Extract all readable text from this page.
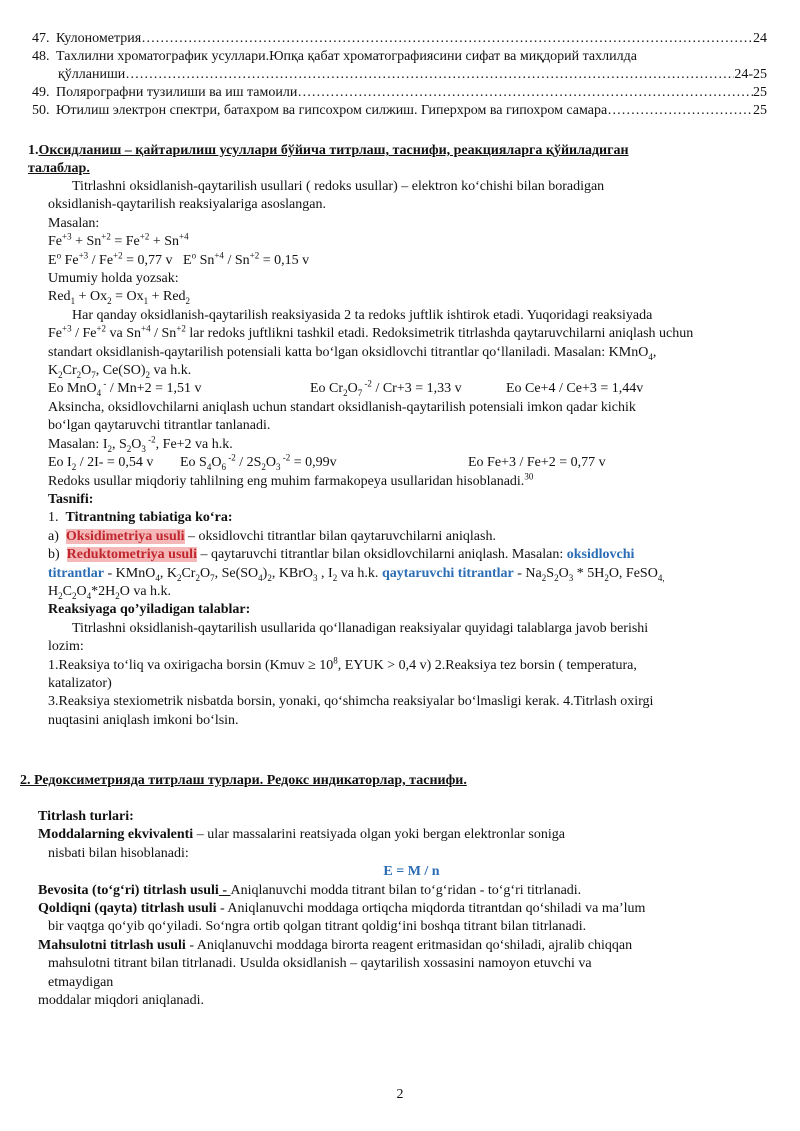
47. Кулонометрия ……………………………………………………………………………………………………………………………………………………………………………………………………………………	24
48. Тахлилни хроматографик усуллари.Юпқа қабат хроматографиясини сифат ва миқдорий тахлилда
қўлланиши ……………………………………………………………………………………………………………………………………………………………………………………………………………………	24-25
49. Полярографни тузилиши ва иш тамоили ……………………………………………………………………………………………………………………………………………………………………………………………………………………	25
50. Ютилиш электрон спектри, батахром ва гипсохром силжиш. Гиперхром ва гипохром самара ……………………………………………………………………………………………………………………………………………………………………………………………………………………	25
1.Оксидланиш – қайтарилиш усуллари бўйича титрлаш, таснифи, реакцияларга қўйиладиган
талаблар.
Titrlashni oksidlanish-qaytarilish usullari ( redoks usullar) – elektron ko‘chishi bilan boradigan
oksidlanish-qaytarilish reaksiyalariga asoslangan.
Masalan:
$Fe^{+3} + Sn^{+2} = Fe^{+2} + Sn^{+4}$
$E^o$ $Fe^{+3} / Fe^{+2} = 0,77$ v   $E^o$ $Sn^{+4} / Sn^{+2} = 0,15$ v
Umumiy holda yozsak:
$Red_1 + Ox_2 = Ox_1 + Red_2$
Har qanday oksidlanish-qaytarilish reaksiyasida 2 ta redoks juftlik ishtirok etadi. Yuqoridagi reaksiyada
$Fe^{+3} / Fe^{+2}$ va $Sn^{+4} / Sn^{+2}$ lar redoks juftlikni tashkil etadi. Redoksimetrik titrlashda qaytaruvchilarni aniqlash uchun
standart oksidlanish-qaytarilish potensiali katta bo‘lgan oksidlovchi titrantlar qo‘llaniladi. Masalan: KMnO$_4$,
$K_2Cr_2O_7$, $Ce(SO)_2$ va h.k.
Eo MnO$_4$ - / Mn+2 = 1,51 v	Eo $Cr_2O_7$ $^{-2}$ / Cr+3 = 1,33 v	Eo Ce+4 / Ce+3 = 1,44v
Aksincha, oksidlovchilarni aniqlash uchun standart oksidlanish-qaytarilish potensiali imkon qadar kichik
bo‘lgan qaytaruvchi titrantlar tanlanadi.
Masalan: $I_2$, $S_2O_3$ $^{-2}$, Fe+2 va h.k.
Eo $I_2 / 2I- = 0,54$ v Eo $S_4O_6$ $^{-2} / 2S_2O_3$ $^{-2}$ = 0,99v	Eo Fe+3 / Fe+2 = 0,77 v
Redoks usullar miqdoriy tahlilning eng muhim farmakopeya usullaridan hisoblanadi.$^{30}$
Tasnifi:
1. Titrantning tabiatiga ko‘ra:
a) Oksidimetriya usuli – oksidlovchi titrantlar bilan qaytaruvchilarni aniqlash.
b) Reduktometriya usuli – qaytaruvchi titrantlar bilan oksidlovchilarni aniqlash. Masalan: oksidlovchi
titrantlar - KMnO$_4$, $K_2Cr_2O_7$, $Se(SO_4)_2$, KBrO$_3$ , $I_2$ va h.k. qaytaruvchi titrantlar - $Na_2S_2O_3 * 5H_2O$, FeSO$_{4,}$
$H_2C_2O_4*2H_2O$ va h.k.
Reaksiyaga qo’yiladigan talablar:
Titrlashni oksidlanish-qaytarilish usullarida qo‘llanadigan reaksiyalar quyidagi talablarga javob berishi
lozim:
1.Reaksiya to‘liq va oxirigacha borsin (Kmuv ≥ $10^8$, EYUK > 0,4 v) 2.Reaksiya tez borsin ( temperatura,
katalizator)
3.Reaksiya stexiometrik nisbatda borsin, yonaki, qo‘shimcha reaksiyalar bo‘lmasligi kerak. 4.Titrlash oxirgi
nuqtasini aniqlash imkoni bo‘lsin.
2. Редоксиметрияда титрлаш турлари. Редокс индикаторлар, таснифи.
Titrlash turlari:
Moddalarning ekvivalenti – ular massalarini reatsiyada olgan yoki bergan elektronlar soniga
nisbati bilan hisoblanadi:
E = M / n
Bevosita (to‘g‘ri) titrlash usuli - Aniqlanuvchi modda titrant bilan to‘g‘ridan - to‘g‘ri titrlanadi.
Qoldiqni (qayta) titrlash usuli - Aniqlanuvchi moddaga ortiqcha miqdorda titrantdan qo‘shiladi va ma’lum
bir vaqtga qo‘yib qo‘yiladi. So‘ngra ortib qolgan titrant qoldig‘ini boshqa titrant bilan titrlanadi.
Mahsulotni titrlash usuli - Aniqlanuvchi moddaga birorta reagent eritmasidan qo‘shiladi, ajralib chiqqan
mahsulotni titrant bilan titrlanadi. Usulda oksidlanish – qaytarilish xossasini namoyon etuvchi va
etmaydigan
moddalar miqdori aniqlanadi.
2
